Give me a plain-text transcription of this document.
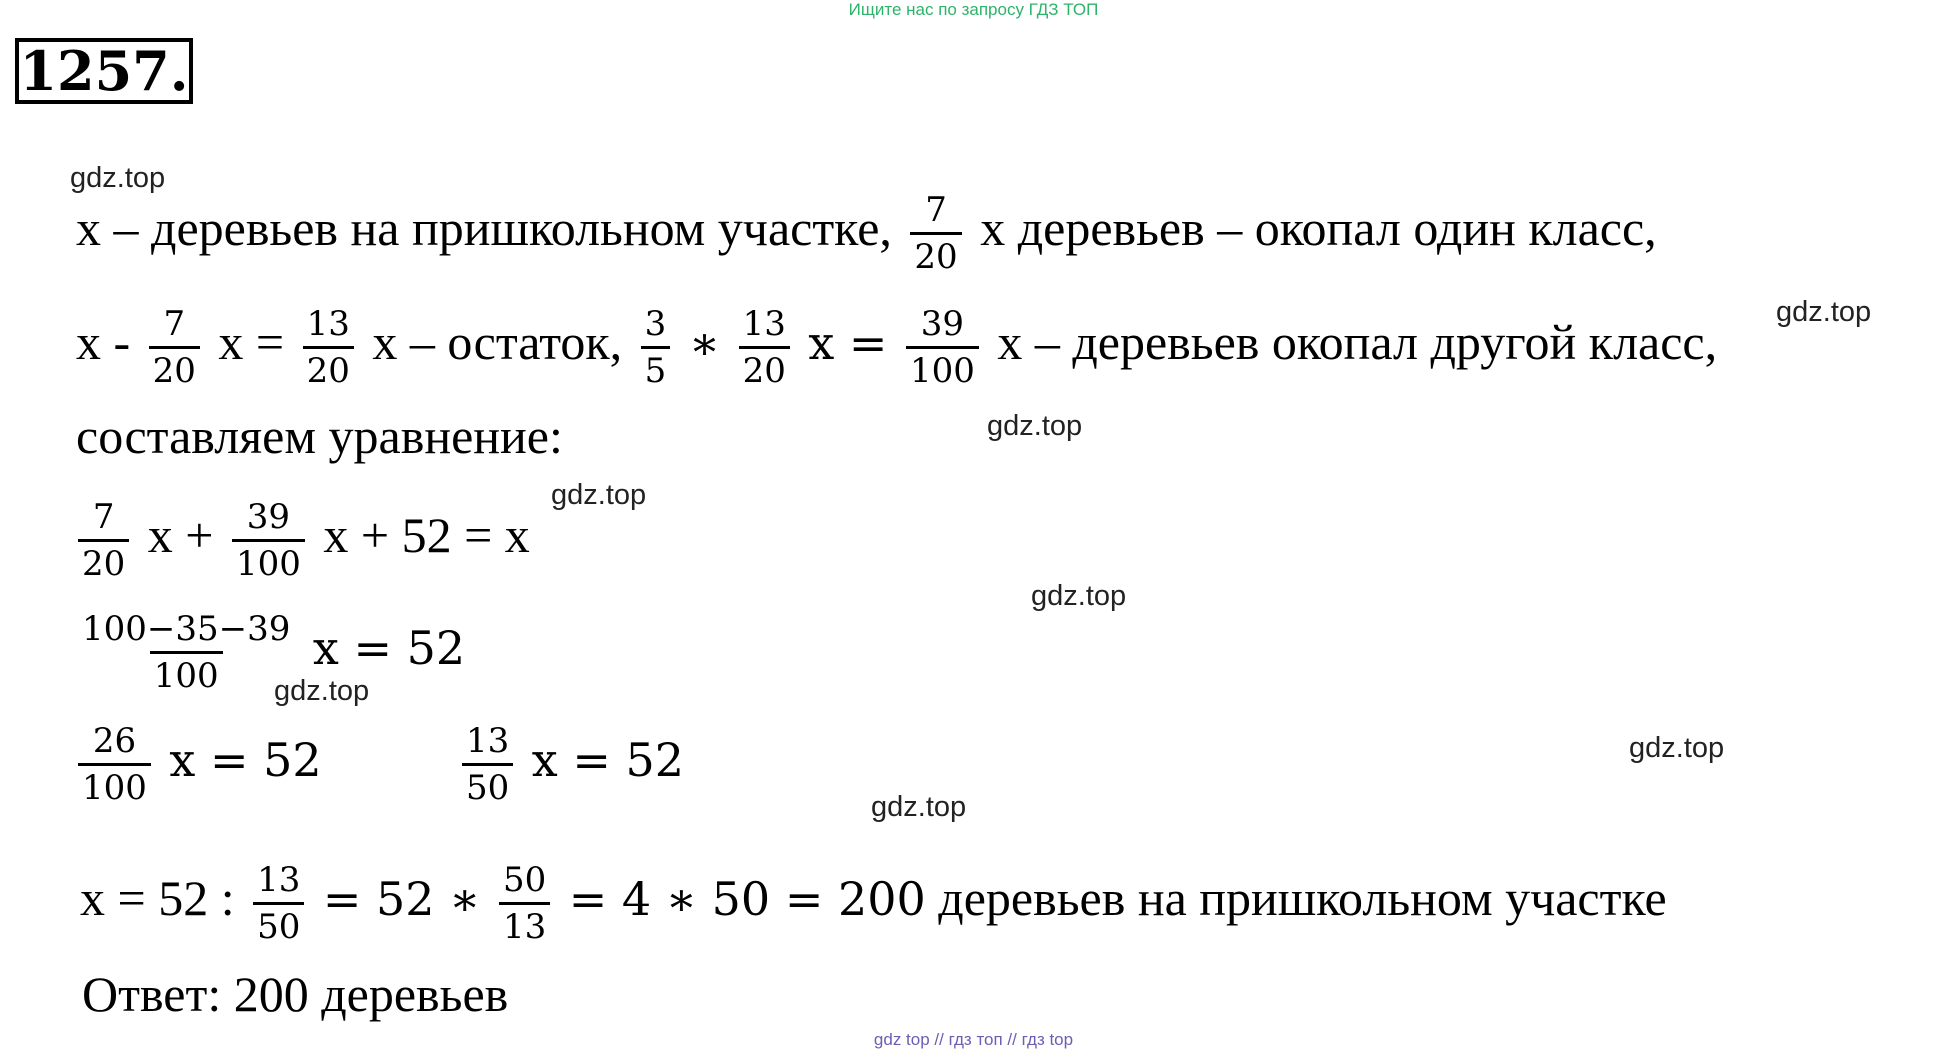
Ищите нас по запросу ГДЗ ТОП
1257.
gdz.top
gdz.top
gdz.top
gdz.top
gdz.top
gdz.top
gdz.top
gdz.top
x – деревьев на пришкольном участке, $\frac{7}{20}$ x деревьев – окопал один класс,
x - $\frac{7}{20}$ $x = \frac{13}{20}$ x – остаток, $\frac{3}{5}$ ∗ $\frac{13}{20}$ $x = \frac{39}{100}$ x – деревьев окопал другой класс,
составляем уравнение:
$\frac{7}{20}$ $x + \frac{39}{100}$ x + 52 = x
$\frac{100-35-39}{100}$ x = 52
$\frac{26}{100}$ x = 52	$\frac{13}{50}$ x = 52
x = 52 : $\frac{13}{50} = 52$ ∗ $\frac{50}{13} = 4$ ∗ 50 = 200 деревьев на пришкольном участке
Ответ: 200 деревьев
gdz top // гдз топ // гдз top
